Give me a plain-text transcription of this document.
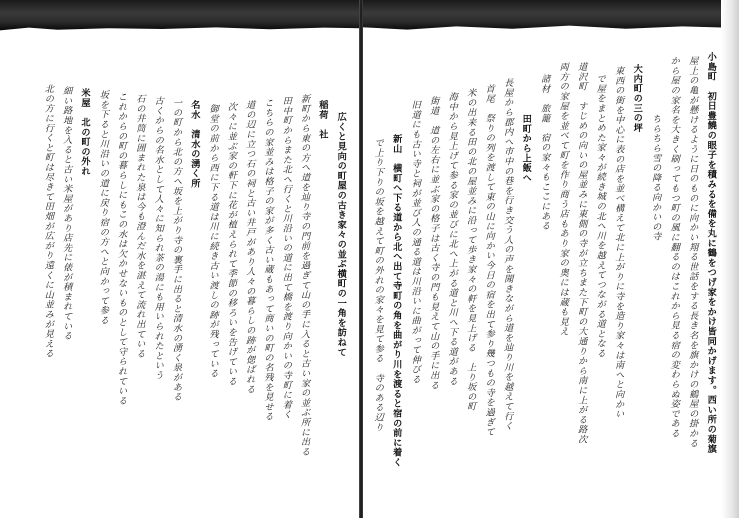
広くと見向の町屋の古き家々の並ぶ横町の一角を訪ねて
稲荷　社
新町から東の方へ道を辿り寺の門前を過ぎて山の手に入ると古い家の並ぶ所に出る
田中町からまた北へ行くと川沿いの道に出て橋を渡り向かいの寺町に着く
こちらの家並みは格子の家が多く古い蔵もあって商いの町の名残を見せる
道の辺に立つ石の祠と古い井戸があり人々の暮らしの跡が偲ばれる
次々に並ぶ家の軒下に花が植えられて季節の移ろいを告げている
御堂の前から西に下る道は川に続き古い渡しの跡が残っている
名水　清水の湧く所
一の町から北の方へ坂を上がり寺の裏手に出ると清水の湧く泉がある
古くからの名水として人々に知られ茶の湯にも用いられたという
石の井筒に囲まれた泉は今も澄んだ水を湛えて流れ出ている
これからの町の暮らしにもこの水は欠かせないものとして守られている
坂を下ると川沿いの道に戻り宿の方へと向かって参る
米屋　北の町の外れ
細い路地を入ると古い米屋があり店先に俵が積まれている
北の方に行くと町は尽きて田畑が広がり遠くに山並みが見える	小島町　初日豊饒の眼子を積みるを備を丸に鶴をつげ家をかけ皆同かげます。西い所の菊旗
屋上の亀が懸けるように日のものに向かい翔る世話をする長き名を旗かけの鶴屋の掛かる
から屋の家名を大きく刷ってもつ町の風に翻るのはこれから見る宿の変わらぬ姿である
ちらちら雪の降る向かいの寺
大内町の三の坪
東西の街を中心に表の店を並べ構えて北に上がりに寺を造り家々は南へと向かい
で屋をまとめた家々が続き城の北へ川を越えてつながる道となる
道沢町　すじめの向いの屋並みに東側の寺が立ちまた下町の大通りから南に上がる路次
両方の家屋を並べて町を作り商う店もあり家の奥には蔵も見え
諸材　旅籠　宿の家々もここにある
田町から上飯へ
長屋から郡内へ市中の巷を行き交う人の声を聞きながら道を辿り川を越えて行く
首尾　祭りの列を渡して東の山に向かい今日の宿を出て参り幾つもの寺を過ぎて
米の出来る田の北の屋並みに沿って歩き家々の軒を見上げる　上り坂の町
海中から見上げて参る家の並びに北へ上がる道と川へ下る道がある
街道　道の左右に並ぶ家の格子は古く寺の門も見えて山の手に出る
旧道にも古い寺と祠が並び人の通る道は川沿いに曲がって伸びる
新山　横町へ下る道から北へ出て寺町の角を曲がり川を渡ると宿の前に着く
で上り下りの坂を越えて町の外れの家々を見て参る　寺のある辺り
